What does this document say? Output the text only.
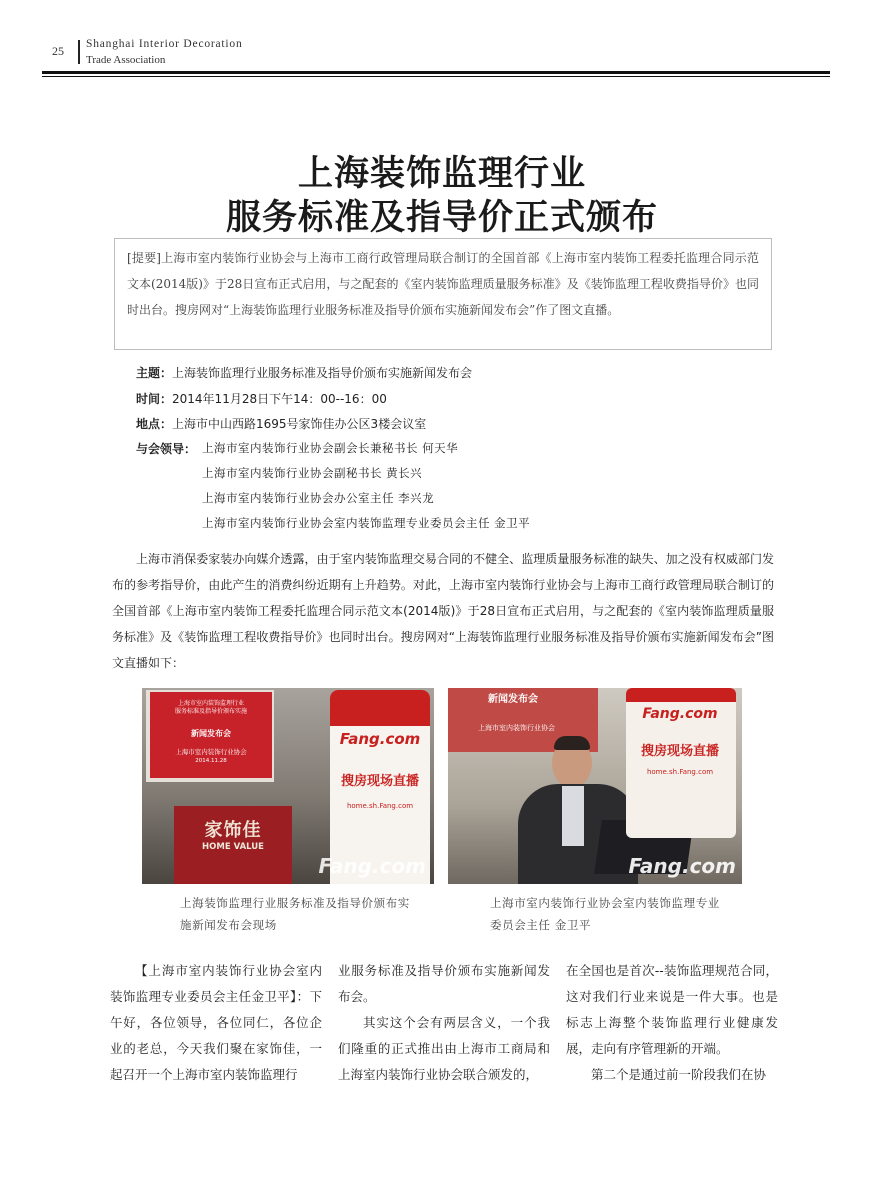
25 Shanghai Interior Decoration
Trade Association
上海装饰监理行业
服务标准及指导价正式颁布
[提要]上海市室内装饰行业协会与上海市工商行政管理局联合制订的全国首部《上海市室内装饰工程委托监理合同示范文本(2014版)》于28日宣布正式启用，与之配套的《室内装饰监理质量服务标准》及《装饰监理工程收费指导价》也同时出台。搜房网对“上海装饰监理行业服务标准及指导价颁布实施新闻发布会”作了图文直播。
主题：上海装饰监理行业服务标准及指导价颁布实施新闻发布会
时间：2014年11月28日下午14：00--16：00
地点：上海市中山西路1695号家饰佳办公区3楼会议室
与会领导： 上海市室内装饰行业协会副会长兼秘书长 何天华
上海市室内装饰行业协会副秘书长 黄长兴
上海市室内装饰行业协会办公室主任 李兴龙
上海市室内装饰行业协会室内装饰监理专业委员会主任 金卫平
上海市消保委家装办向媒介透露，由于室内装饰监理交易合同的不健全、监理质量服务标准的缺失、加之没有权威部门发布的参考指导价，由此产生的消费纠纷近期有上升趋势。对此，上海市室内装饰行业协会与上海市工商行政管理局联合制订的全国首部《上海市室内装饰工程委托监理合同示范文本(2014版)》于28日宣布正式启用，与之配套的《室内装饰监理质量服务标准》及《装饰监理工程收费指导价》也同时出台。搜房网对“上海装饰监理行业服务标准及指导价颁布实施新闻发布会”图文直播如下：
上海市室内装饰监理行业
服务标准及指导价颁布实施
新闻发布会
上海市室内装饰行业协会
2014.11.28
家饰佳
HOME VALUE
Fang.com
搜房现场直播
home.sh.Fang.com
Fang.com
新闻发布会
上海市室内装饰行业协会
Fang.com
搜房现场直播
home.sh.Fang.com
Fang.com
上海装饰监理行业服务标准及指导价颁布实施新闻发布会现场
上海市室内装饰行业协会室内装饰监理专业委员会主任 金卫平
【上海市室内装饰行业协会室内装饰监理专业委员会主任金卫平】：下午好，各位领导，各位同仁，各位企业的老总，今天我们聚在家饰佳，一起召开一个上海市室内装饰监理行
业服务标准及指导价颁布实施新闻发布会。
其实这个会有两层含义，一个我们隆重的正式推出由上海市工商局和上海室内装饰行业协会联合颁发的，
在全国也是首次--装饰监理规范合同，这对我们行业来说是一件大事。也是标志上海整个装饰监理行业健康发展，走向有序管理新的开端。
第二个是通过前一阶段我们在协
